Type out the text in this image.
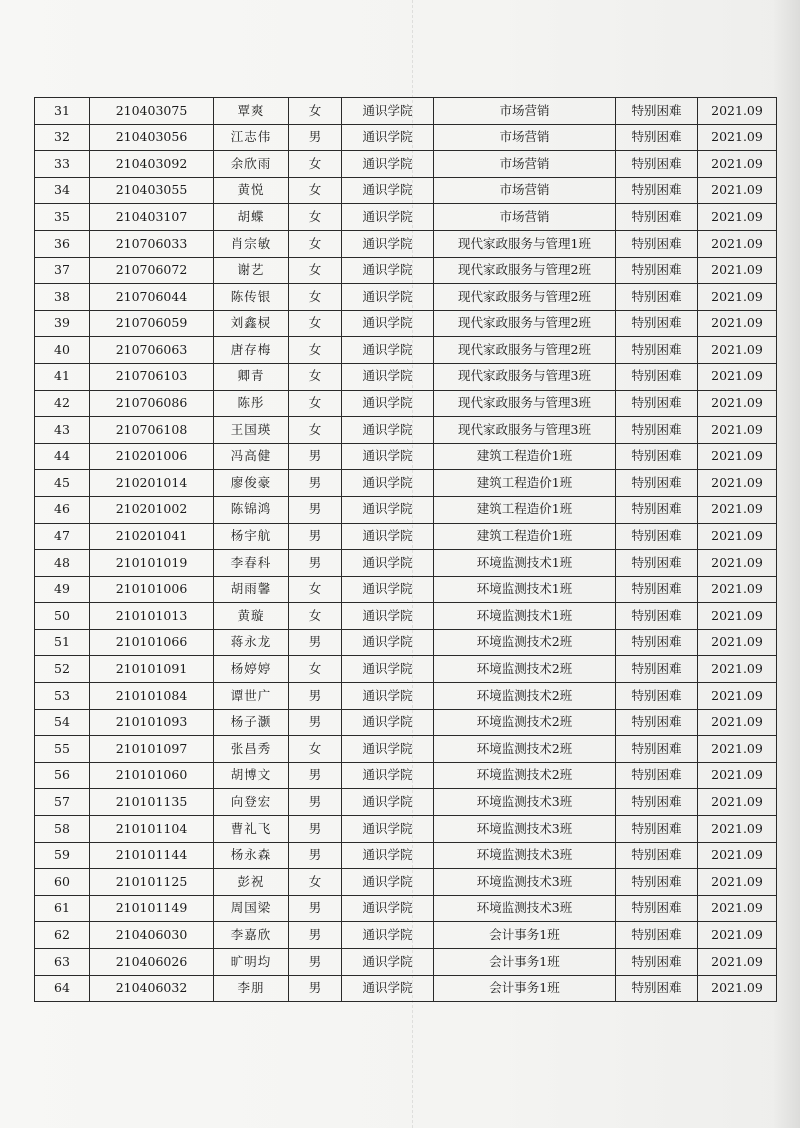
31	210403075	覃爽	女	通识学院	市场营销	特别困难	2021.09
32	210403056	江志伟	男	通识学院	市场营销	特别困难	2021.09
33	210403092	余欣雨	女	通识学院	市场营销	特别困难	2021.09
34	210403055	黄悦	女	通识学院	市场营销	特别困难	2021.09
35	210403107	胡蝶	女	通识学院	市场营销	特别困难	2021.09
36	210706033	肖宗敏	女	通识学院	现代家政服务与管理1班	特别困难	2021.09
37	210706072	谢艺	女	通识学院	现代家政服务与管理2班	特别困难	2021.09
38	210706044	陈传银	女	通识学院	现代家政服务与管理2班	特别困难	2021.09
39	210706059	刘鑫棂	女	通识学院	现代家政服务与管理2班	特别困难	2021.09
40	210706063	唐存梅	女	通识学院	现代家政服务与管理2班	特别困难	2021.09
41	210706103	卿青	女	通识学院	现代家政服务与管理3班	特别困难	2021.09
42	210706086	陈彤	女	通识学院	现代家政服务与管理3班	特别困难	2021.09
43	210706108	王国瑛	女	通识学院	现代家政服务与管理3班	特别困难	2021.09
44	210201006	冯高健	男	通识学院	建筑工程造价1班	特别困难	2021.09
45	210201014	廖俊豪	男	通识学院	建筑工程造价1班	特别困难	2021.09
46	210201002	陈锦鸿	男	通识学院	建筑工程造价1班	特别困难	2021.09
47	210201041	杨宇航	男	通识学院	建筑工程造价1班	特别困难	2021.09
48	210101019	李春科	男	通识学院	环境监测技术1班	特别困难	2021.09
49	210101006	胡雨馨	女	通识学院	环境监测技术1班	特别困难	2021.09
50	210101013	黄璇	女	通识学院	环境监测技术1班	特别困难	2021.09
51	210101066	蒋永龙	男	通识学院	环境监测技术2班	特别困难	2021.09
52	210101091	杨婷婷	女	通识学院	环境监测技术2班	特别困难	2021.09
53	210101084	谭世广	男	通识学院	环境监测技术2班	特别困难	2021.09
54	210101093	杨子灏	男	通识学院	环境监测技术2班	特别困难	2021.09
55	210101097	张昌秀	女	通识学院	环境监测技术2班	特别困难	2021.09
56	210101060	胡博文	男	通识学院	环境监测技术2班	特别困难	2021.09
57	210101135	向登宏	男	通识学院	环境监测技术3班	特别困难	2021.09
58	210101104	曹礼飞	男	通识学院	环境监测技术3班	特别困难	2021.09
59	210101144	杨永森	男	通识学院	环境监测技术3班	特别困难	2021.09
60	210101125	彭祝	女	通识学院	环境监测技术3班	特别困难	2021.09
61	210101149	周国梁	男	通识学院	环境监测技术3班	特别困难	2021.09
62	210406030	李嘉欣	男	通识学院	会计事务1班	特别困难	2021.09
63	210406026	旷明均	男	通识学院	会计事务1班	特别困难	2021.09
64	210406032	李朋	男	通识学院	会计事务1班	特别困难	2021.09
